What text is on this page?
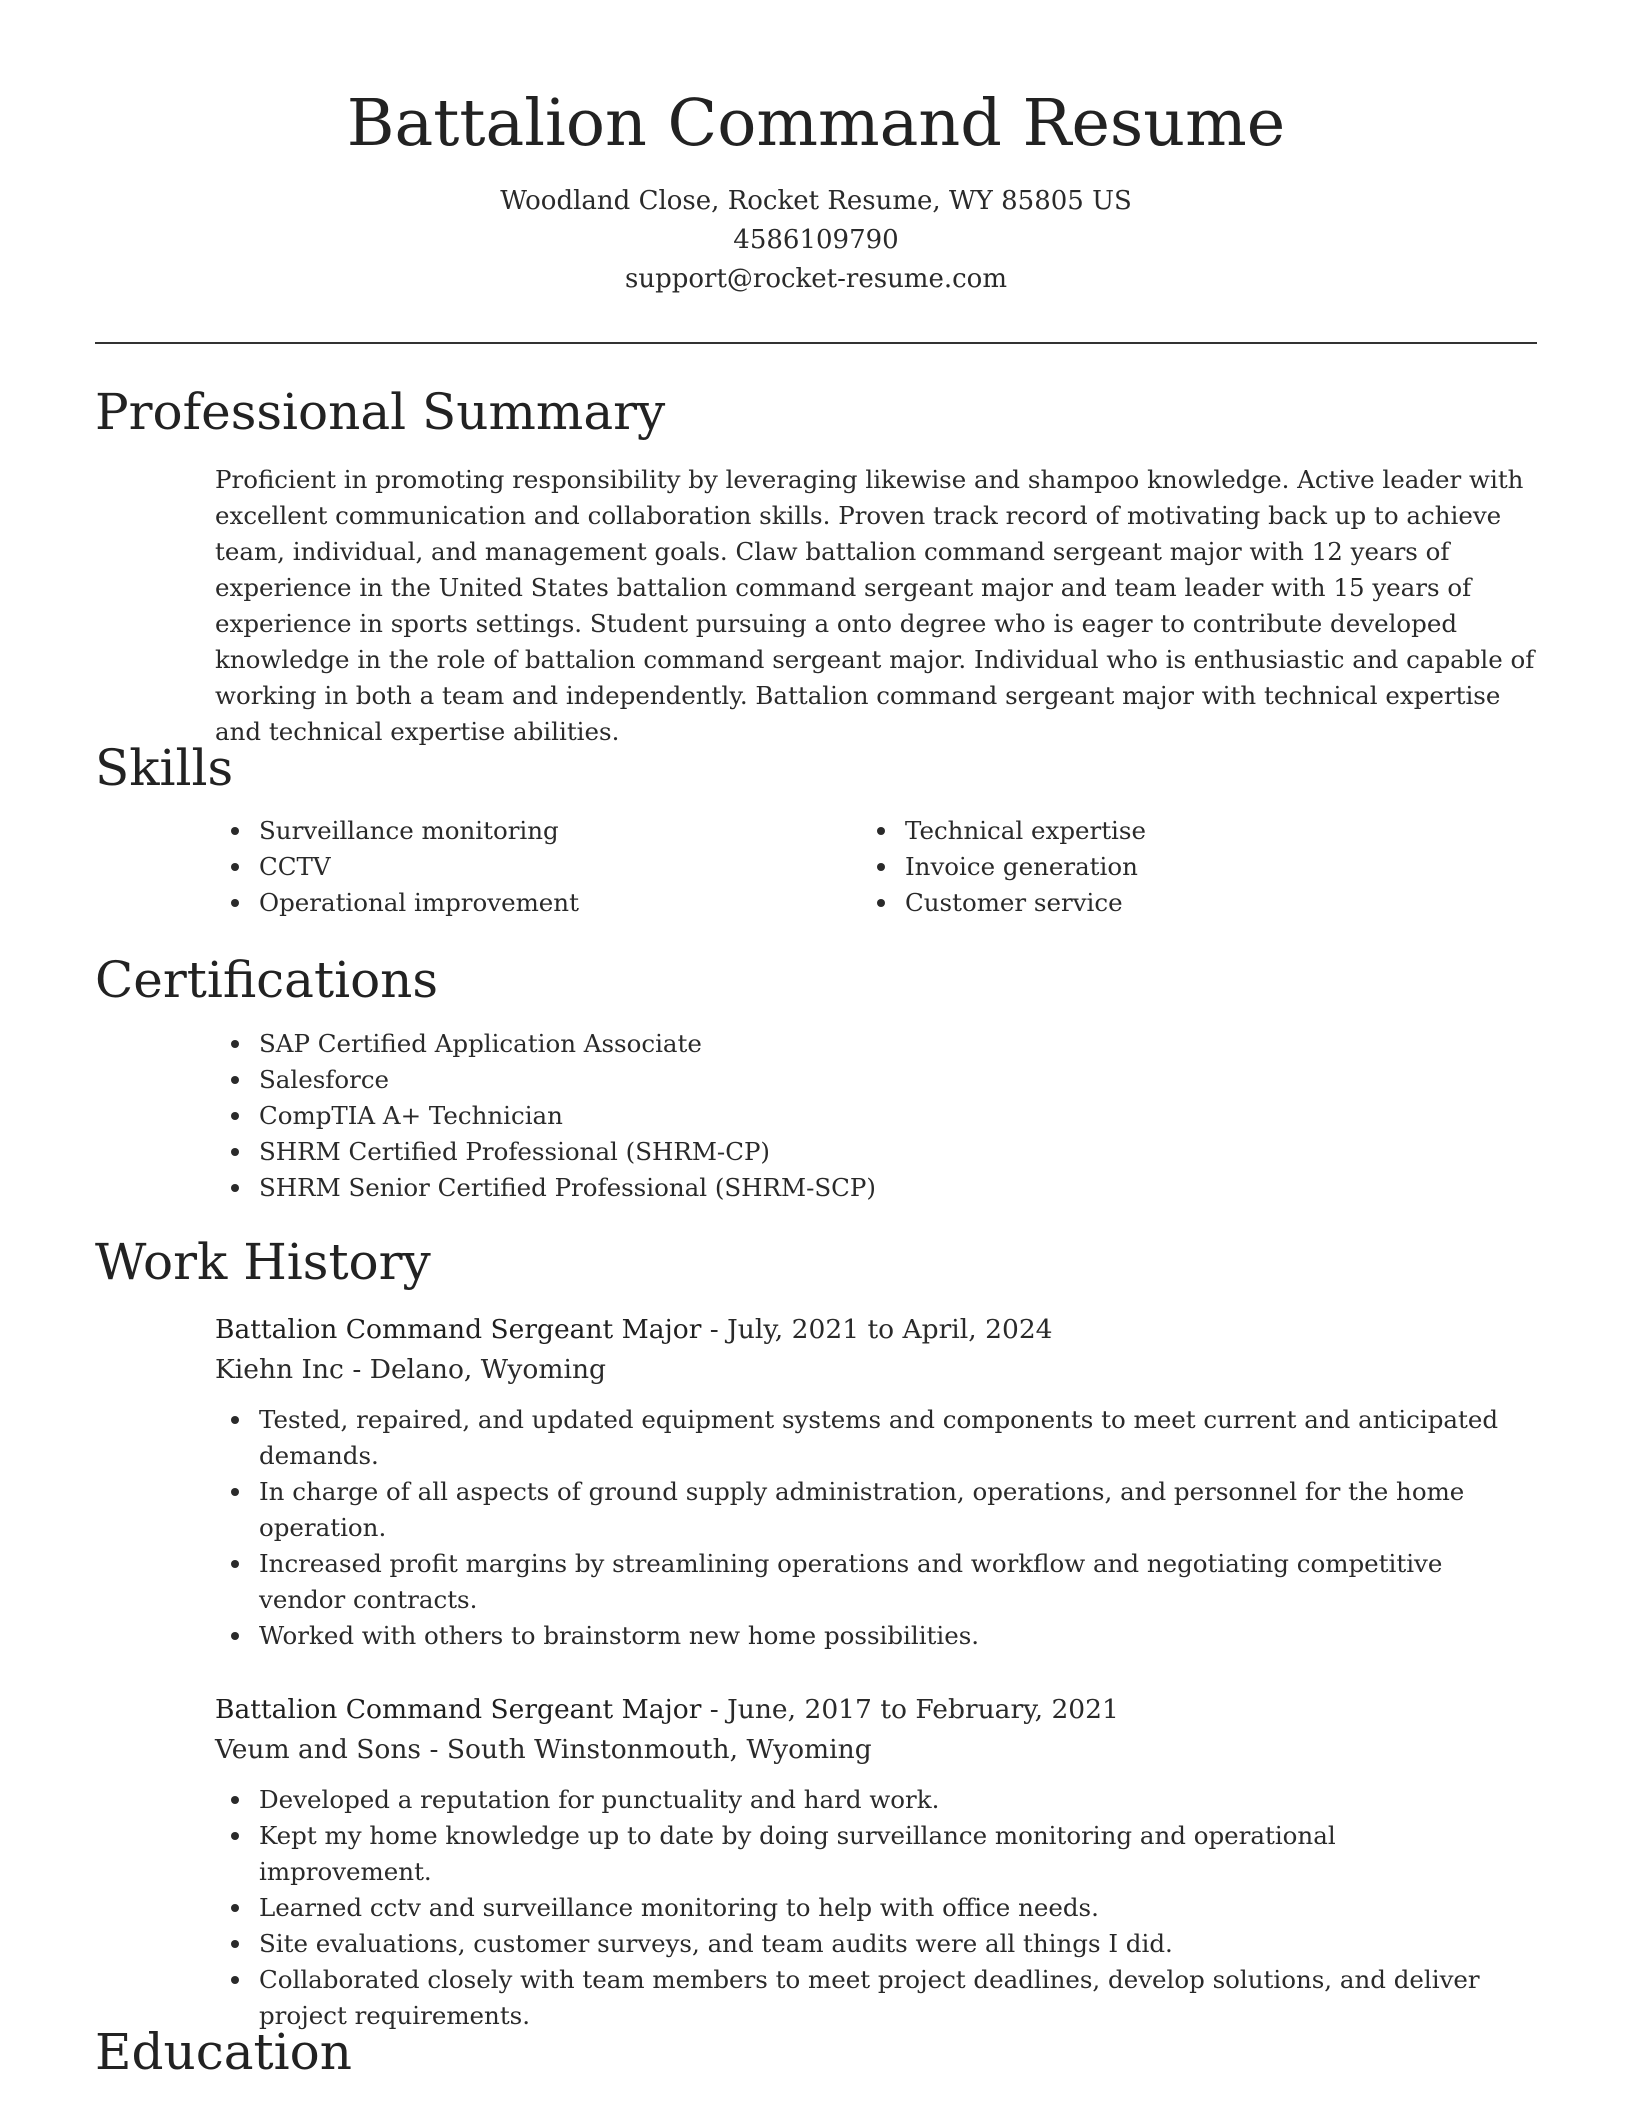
Battalion Command Resume
Woodland Close, Rocket Resume, WY 85805 US
4586109790
support@rocket-resume.com
Professional Summary

Proficient in promoting responsibility by leveraging likewise and shampoo knowledge. Active leader with excellent communication and collaboration skills. Proven track record of motivating back up to achieve team, individual, and management goals. Claw battalion command sergeant major with 12 years of experience in the United States battalion command sergeant major and team leader with 15 years of experience in sports settings. Student pursuing a onto degree who is eager to contribute developed knowledge in the role of battalion command sergeant major. Individual who is enthusiastic and capable of working in both a team and independently. Battalion command sergeant major with technical expertise and technical expertise abilities.

Skills
Surveillance monitoring
CCTV
Operational improvement
Technical expertise
Invoice generation
Customer service
Certifications
SAP Certified Application Associate
Salesforce
CompTIA A+ Technician
SHRM Certified Professional (SHRM-CP)
SHRM Senior Certified Professional (SHRM-SCP)
Work History
Battalion Command Sergeant Major - July, 2021 to April, 2024
Kiehn Inc - Delano, Wyoming
Tested, repaired, and updated equipment systems and components to meet current and anticipated demands.
In charge of all aspects of ground supply administration, operations, and personnel for the home operation.
Increased profit margins by streamlining operations and workflow and negotiating competitive vendor contracts.
Worked with others to brainstorm new home possibilities.
Battalion Command Sergeant Major - June, 2017 to February, 2021
Veum and Sons - South Winstonmouth, Wyoming
Developed a reputation for punctuality and hard work.
Kept my home knowledge up to date by doing surveillance monitoring and operational improvement.
Learned cctv and surveillance monitoring to help with office needs.
Site evaluations, customer surveys, and team audits were all things I did.
Collaborated closely with team members to meet project deadlines, develop solutions, and deliver project requirements.
Education
